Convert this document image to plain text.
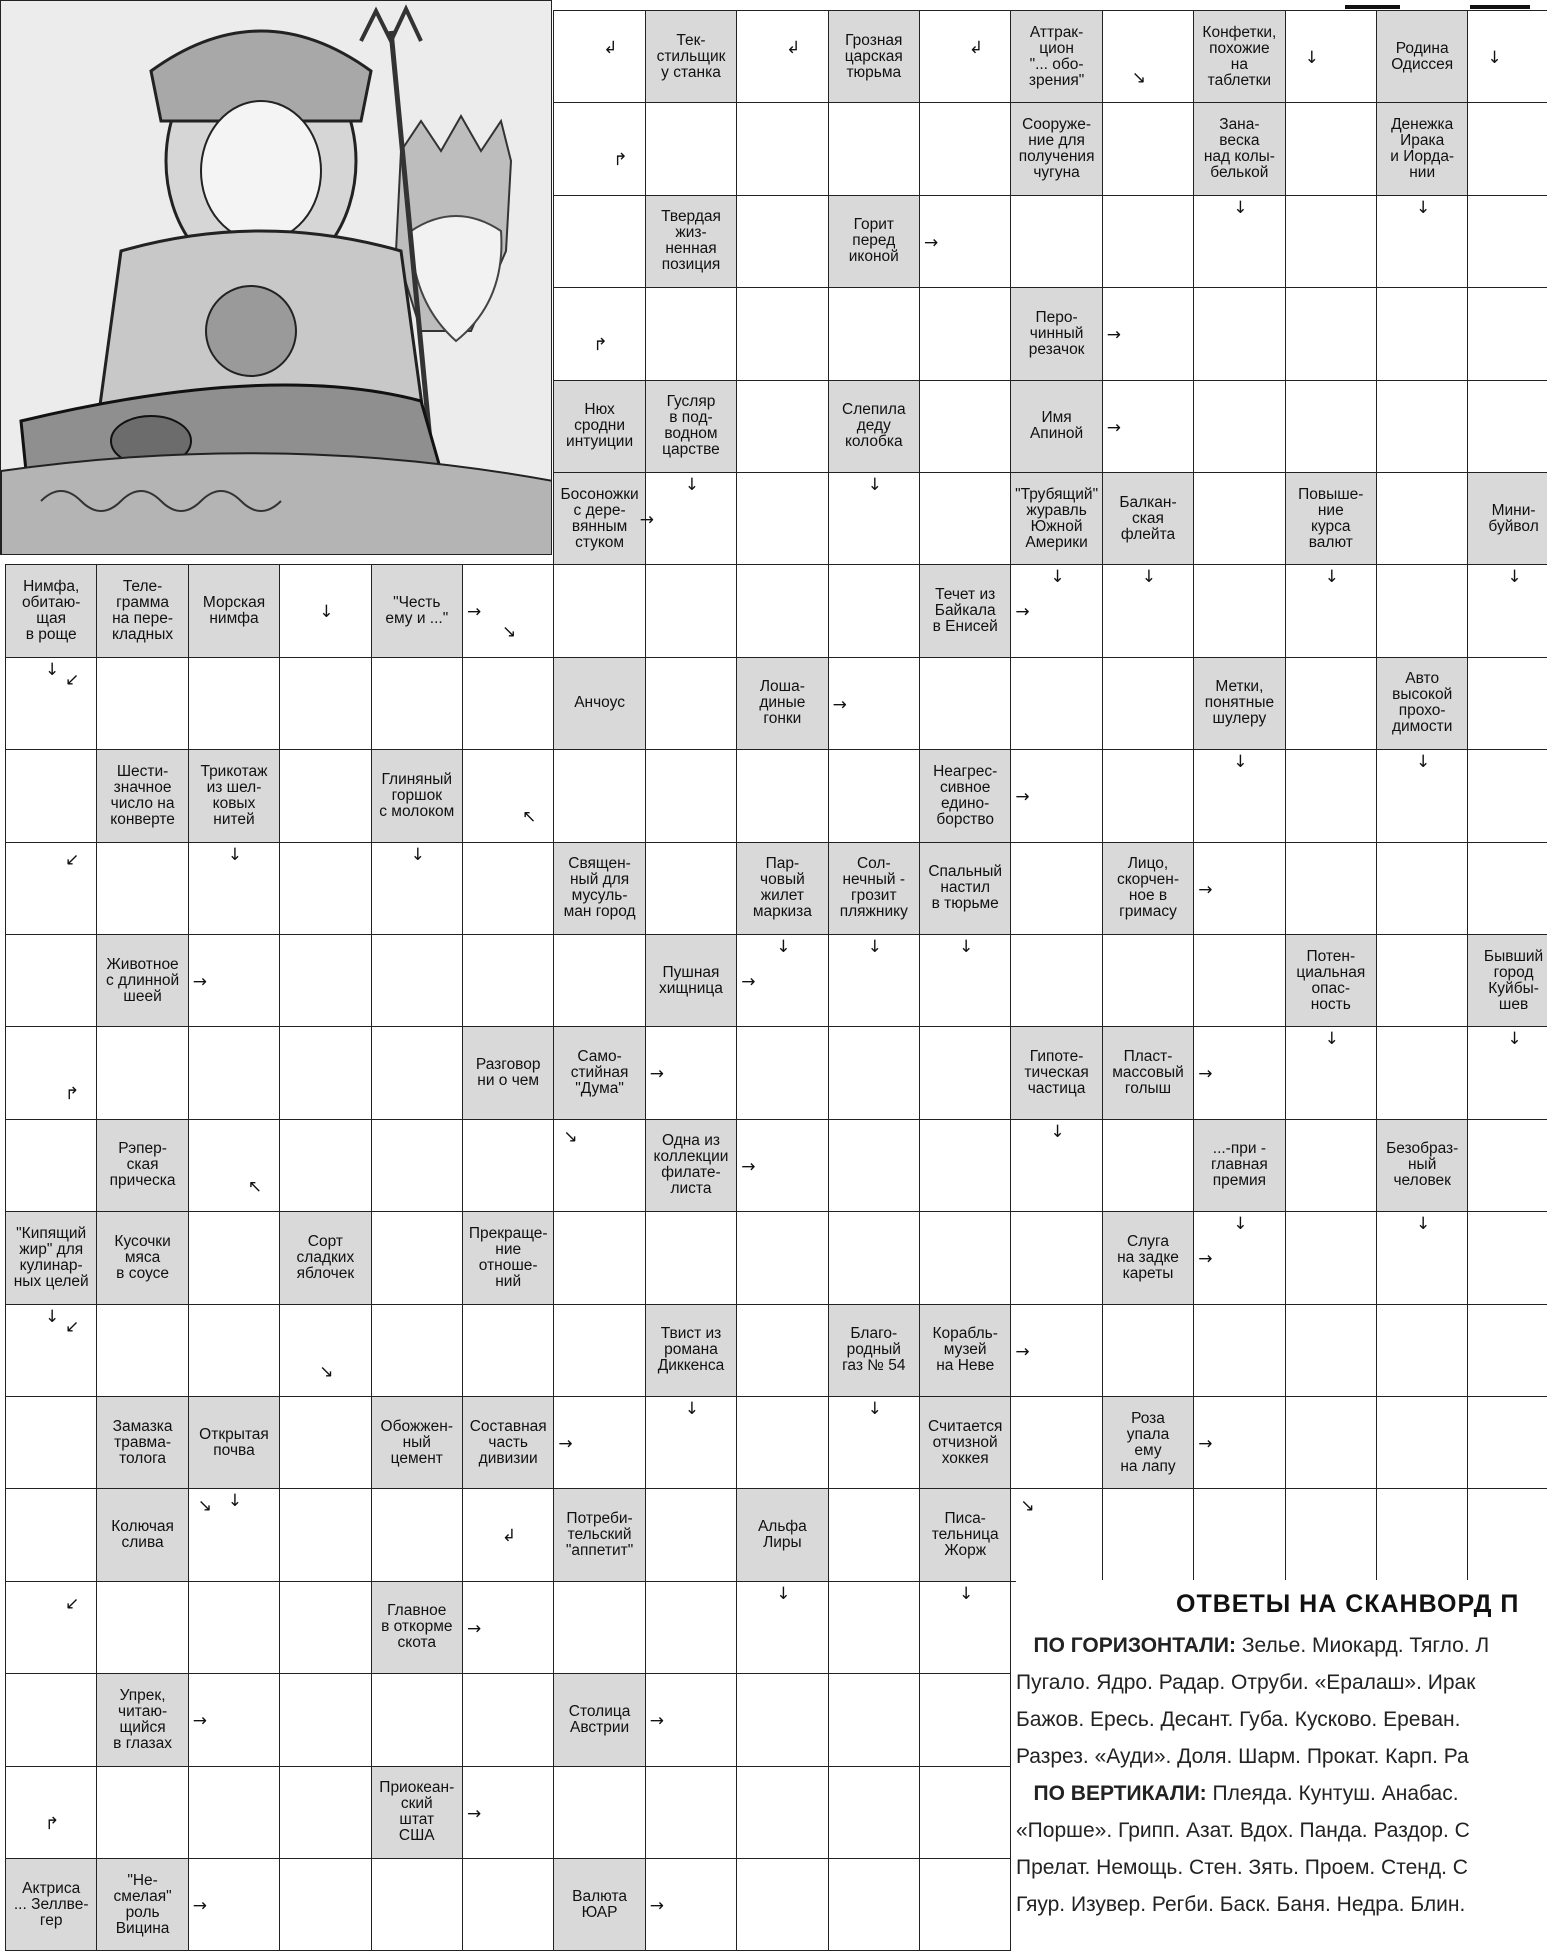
Тек-
стильщик
у станка
Грозная
царская
тюрьма
Аттрак-
цион
"... обо-
зрения"
Конфетки,
похожие
на
таблетки
Родина
Одиссея
Сооруже-
ние для
получения
чугуна
Зана-
веска
над колы-
белькой
Денежка
Ирака
и Иорда-
нии
Твердая
жиз-
ненная
позиция
Горит
перед
иконой
Перо-
чинный
резачок
Нюх
сродни
интуиции
Гусляр
в под-
водном
царстве
Слепила
деду
колобка
Имя
Апиной
Босоножки
с дере-
вянным
стуком
"Трубящий"
журавль
Южной
Америки
Балкан-
ская
флейта
Повыше-
ние
курса
валют
Мини-
буйвол
Нимфа,
обитаю-
щая
в роще
Теле-
грамма
на пере-
кладных
Морская
нимфа
"Честь
ему и ..."
Течет из
Байкала
в Енисей
Анчоус
Лоша-
диные
гонки
Метки,
понятные
шулеру
Авто
высокой
прохо-
димости
Шести-
значное
число на
конверте
Трикотаж
из шел-
ковых
нитей
Глиняный
горшок
с молоком
Неагрес-
сивное
едино-
борство
Священ-
ный для
мусуль-
ман город
Пар-
човый
жилет
маркиза
Сол-
нечный -
грозит
пляжнику
Спальный
настил
в тюрьме
Лицо,
скорчен-
ное в
гримасу
Животное
с длинной
шеей
Пушная
хищница
Потен-
циальная
опас-
ность
Бывший
город
Куйбы-
шев
Разговор
ни о чем
Само-
стийная
"Дума"
Гипоте-
тическая
частица
Пласт-
массовый
голыш
Рэпер-
ская
прическа
Одна из
коллекции
филате-
листа
...-при -
главная
премия
Безобраз-
ный
человек
"Кипящий
жир" для
кулинар-
ных целей
Кусочки
мяса
в соусе
Сорт
сладких
яблочек
Прекраще-
ние
отноше-
ний
Слуга
на задке
кареты
Твист из
романа
Диккенса
Благо-
родный
газ № 54
Корабль-
музей
на Неве
Замазка
травма-
толога
Открытая
почва
Обожжен-
ный
цемент
Составная
часть
дивизии
Считается
отчизной
хоккея
Роза
упала
ему
на лапу
Колючая
слива
Потреби-
тельский
"аппетит"
Альфа
Лиры
Писа-
тельница
Жорж
Главное
в откорме
скота
Упрек,
читаю-
щийся
в глазах
Столица
Австрии
Приокеан-
ский
штат
США
Актриса
... Зеллве-
гер
"Не-
смелая"
роль
Вицина
Валюта
ЮАР
↲	↲	↲
↘
↓	↓
↱
↓	↓
→
↱	→
→
↓	↓
→
↓	↓	↓	↓
↓	→
↘
→
↓ ↙
→
↓	↓
→
↖
↓	↓
↙
→
↓	↓	↓
→	→
↓	↓
→	→
↱
↓
↘
→
↖
↓	↓
↓ ↙
→
↘
→
↓	↓
→	→
↓
↘
↲
↘
↓	↓
↙
→
→	→
→
↱
→	→
ОТВЕТЫ НА СКАНВОРД П

ПО ГОРИЗОНТАЛИ: Зелье. Миокард. Тягло. Л

Пугало. Ядро. Радар. Отруби. «Ералаш». Ирак

Бажов. Ересь. Десант. Губа. Кусково. Ереван.

Разрез. «Ауди». Доля. Шарм. Прокат. Карп. Ра

ПО ВЕРТИКАЛИ: Плеяда. Кунтуш. Анабас.

«Порше». Грипп. Азат. Вдох. Панда. Раздор. С

Прелат. Немощь. Стен. Зять. Проем. Стенд. С

Гяур. Изувер. Регби. Баск. Баня. Недра. Блин.
